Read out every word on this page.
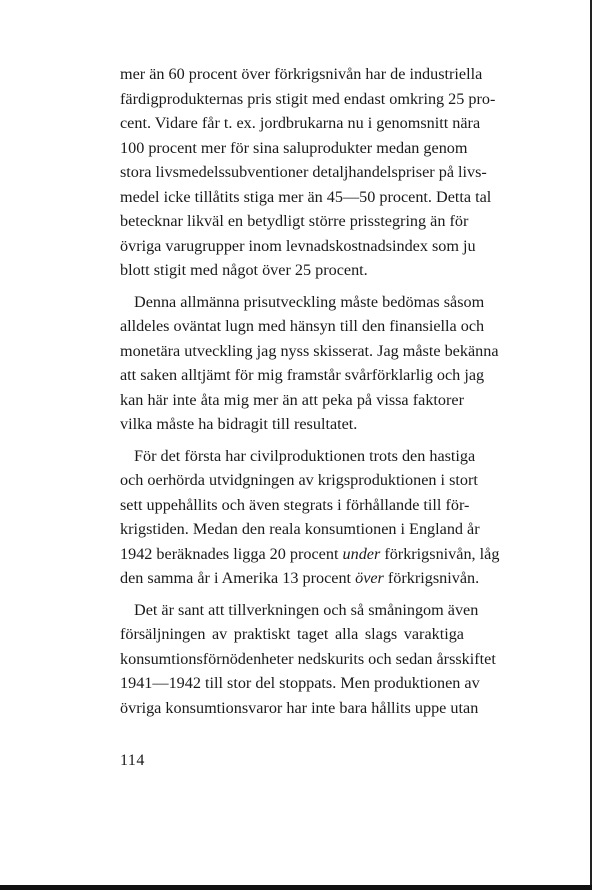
mer än 60 procent över förkrigsnivån har de industriella
färdigprodukternas pris stigit med endast omkring 25 pro-
cent. Vidare får t. ex. jordbrukarna nu i genomsnitt nära
100 procent mer för sina saluprodukter medan genom
stora livsmedelssubventioner detaljhandelspriser på livs-
medel icke tillåtits stiga mer än 45—50 procent. Detta tal
betecknar likväl en betydligt större prisstegring än för
övriga varugrupper inom levnadskostnadsindex som ju
blott stigit med något över 25 procent.
Denna allmänna prisutveckling måste bedömas såsom
alldeles oväntat lugn med hänsyn till den finansiella och
monetära utveckling jag nyss skisserat. Jag måste bekänna
att saken alltjämt för mig framstår svårförklarlig och jag
kan här inte åta mig mer än att peka på vissa faktorer
vilka måste ha bidragit till resultatet.
För det första har civilproduktionen trots den hastiga
och oerhörda utvidgningen av krigsproduktionen i stort
sett uppehållits och även stegrats i förhållande till för-
krigstiden. Medan den reala konsumtionen i England år
1942 beräknades ligga 20 procent under förkrigsnivån, låg
den samma år i Amerika 13 procent över förkrigsnivån.
Det är sant att tillverkningen och så småningom även
försäljningen av praktiskt taget alla slags varaktiga
konsumtionsförnödenheter nedskurits och sedan årsskiftet
1941—1942 till stor del stoppats. Men produktionen av
övriga konsumtionsvaror har inte bara hållits uppe utan
114
